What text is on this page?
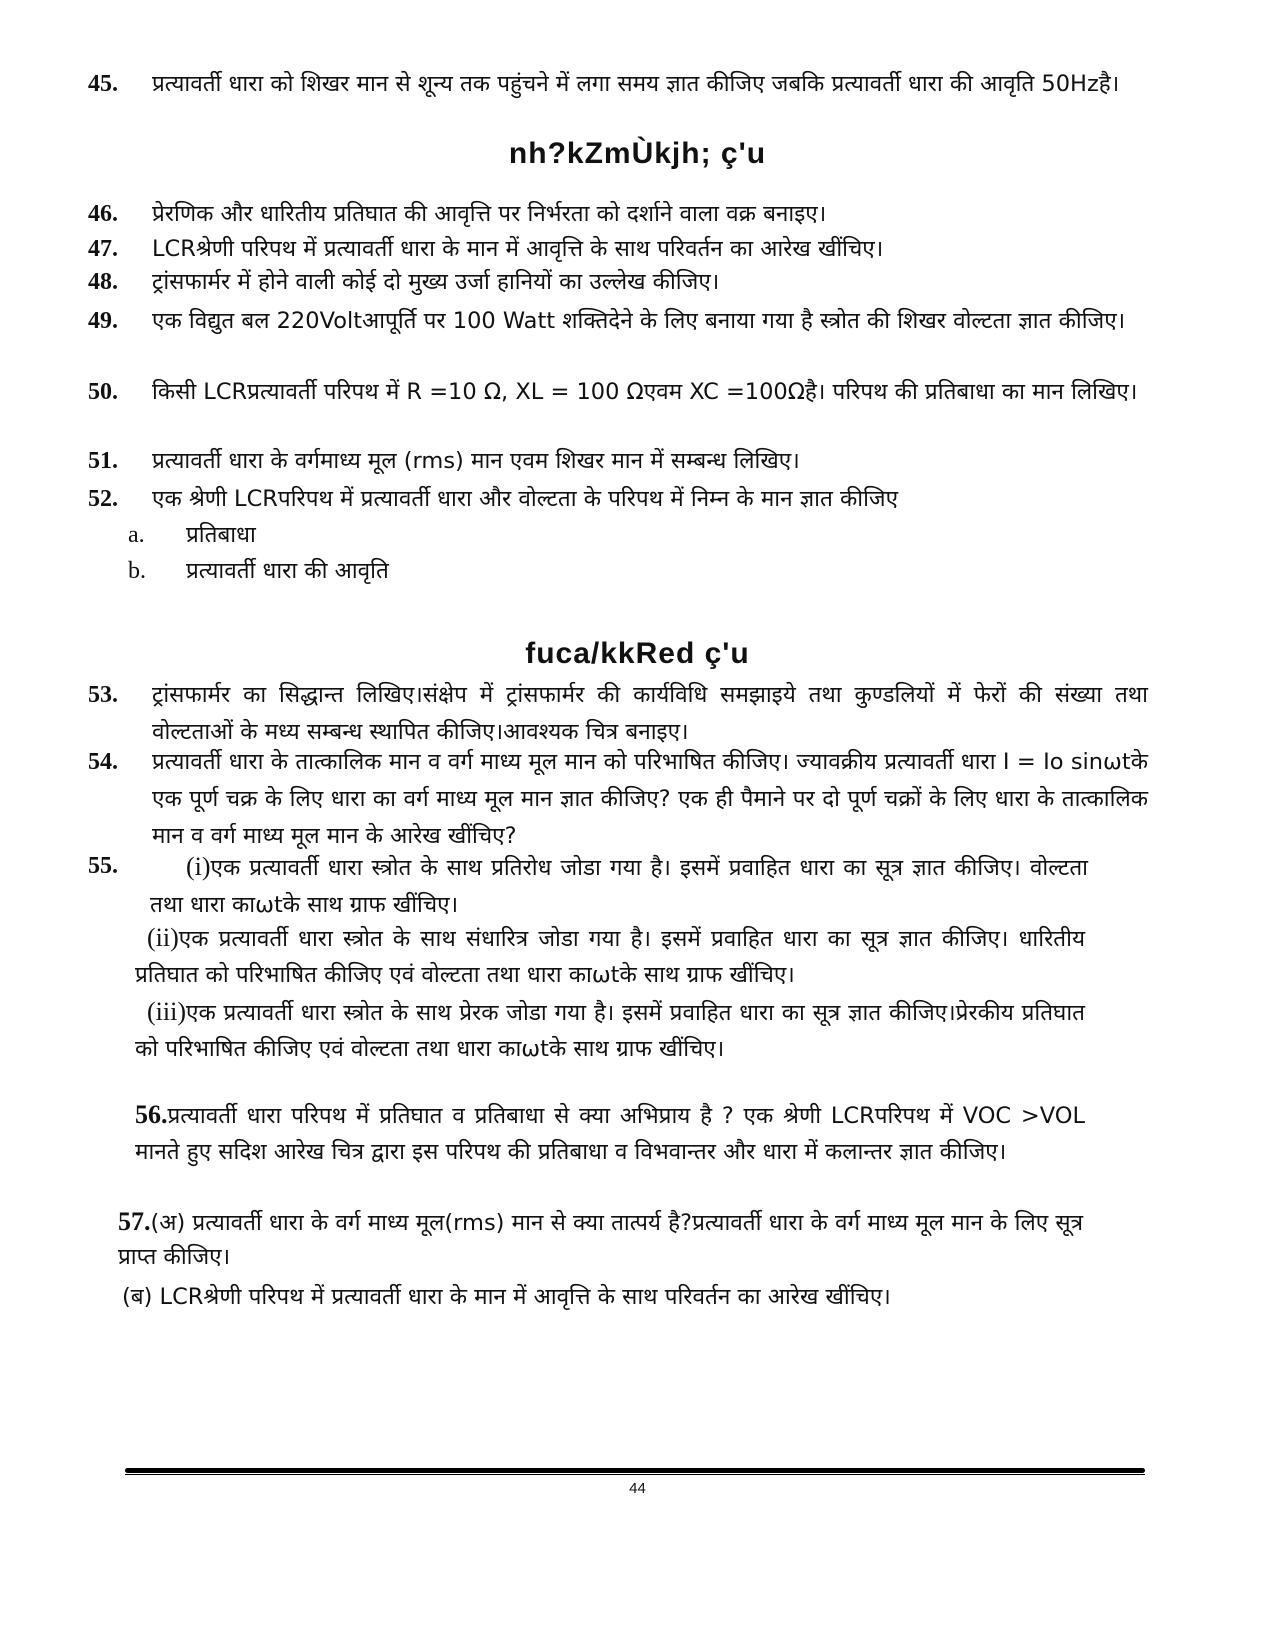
45. प्रत्यावर्ती धारा को शिखर मान से शून्य तक पहुंचने में लगा समय ज्ञात कीजिए जबकि प्रत्यावर्ती धारा की आवृति 50Hzहै।
nh?kZmÙkjh; ç'u
46. प्रेरणिक और धारितीय प्रतिघात की आवृत्ति पर निर्भरता को दर्शाने वाला वक्र बनाइए।
47. LCRश्रेणी परिपथ में प्रत्यावर्ती धारा के मान में आवृत्ति के साथ परिवर्तन का आरेख खींचिए।
48. ट्रांसफार्मर में होने वाली कोई दो मुख्य उर्जा हानियों का उल्लेख कीजिए।
49. एक विद्युत बल 220Voltआपूर्ति पर 100 Watt शक्तिदेने के लिए बनाया गया है स्त्रोत की शिखर वोल्टता ज्ञात कीजिए।
50. किसी LCRप्रत्यावर्ती परिपथ में R =10 Ω, XL = 100 Ωएवम XC =100Ωहै। परिपथ की प्रतिबाधा का मान लिखिए।
51. प्रत्यावर्ती धारा के वर्गमाध्य मूल (rms) मान एवम शिखर मान में सम्बन्ध लिखिए।
52. एक श्रेणी LCRपरिपथ में प्रत्यावर्ती धारा और वोल्टता के परिपथ में निम्न के मान ज्ञात कीजिए
a. प्रतिबाधा
b. प्रत्यावर्ती धारा की आवृति
fuca/kkRed ç'u
53. ट्रांसफार्मर का सिद्धान्त लिखिए।संक्षेप में ट्रांसफार्मर की कार्यविधि समझाइये तथा कुण्डलियों में फेरों की संख्या तथा वोल्टताओं के मध्य सम्बन्ध स्थापित कीजिए।आवश्यक चित्र बनाइए।
54. प्रत्यावर्ती धारा के तात्कालिक मान व वर्ग माध्य मूल मान को परिभाषित कीजिए। ज्यावक्रीय प्रत्यावर्ती धारा I = Io sinωtके एक पूर्ण चक्र के लिए धारा का वर्ग माध्य मूल मान ज्ञात कीजिए? एक ही पैमाने पर दो पूर्ण चक्रों के लिए धारा के तात्कालिक मान व वर्ग माध्य मूल मान के आरेख खींचिए?
55.	(i)एक प्रत्यावर्ती धारा स्त्रोत के साथ प्रतिरोध जोडा गया है। इसमें प्रवाहित धारा का सूत्र ज्ञात कीजिए। वोल्टता तथा धारा काωtके साथ ग्राफ खींचिए।
(ii)एक प्रत्यावर्ती धारा स्त्रोत के साथ संधारित्र जोडा गया है। इसमें प्रवाहित धारा का सूत्र ज्ञात कीजिए। धारितीय प्रतिघात को परिभाषित कीजिए एवं वोल्टता तथा धारा काωtके साथ ग्राफ खींचिए।
(iii)एक प्रत्यावर्ती धारा स्त्रोत के साथ प्रेरक जोडा गया है। इसमें प्रवाहित धारा का सूत्र ज्ञात कीजिए।प्रेरकीय प्रतिघात को परिभाषित कीजिए एवं वोल्टता तथा धारा काωtके साथ ग्राफ खींचिए।
56.प्रत्यावर्ती धारा परिपथ में प्रतिघात व प्रतिबाधा से क्या अभिप्राय है ? एक श्रेणी LCRपरिपथ में VOC >VOL मानते हुए सदिश आरेख चित्र द्वारा इस परिपथ की प्रतिबाधा व विभवान्तर और धारा में कलान्तर ज्ञात कीजिए।
57.(अ) प्रत्यावर्ती धारा के वर्ग माध्य मूल(rms) मान से क्या तात्पर्य है?प्रत्यावर्ती धारा के वर्ग माध्य मूल मान के लिए सूत्र प्राप्त कीजिए।
(ब) LCRश्रेणी परिपथ में प्रत्यावर्ती धारा के मान में आवृत्ति के साथ परिवर्तन का आरेख खींचिए।
44
